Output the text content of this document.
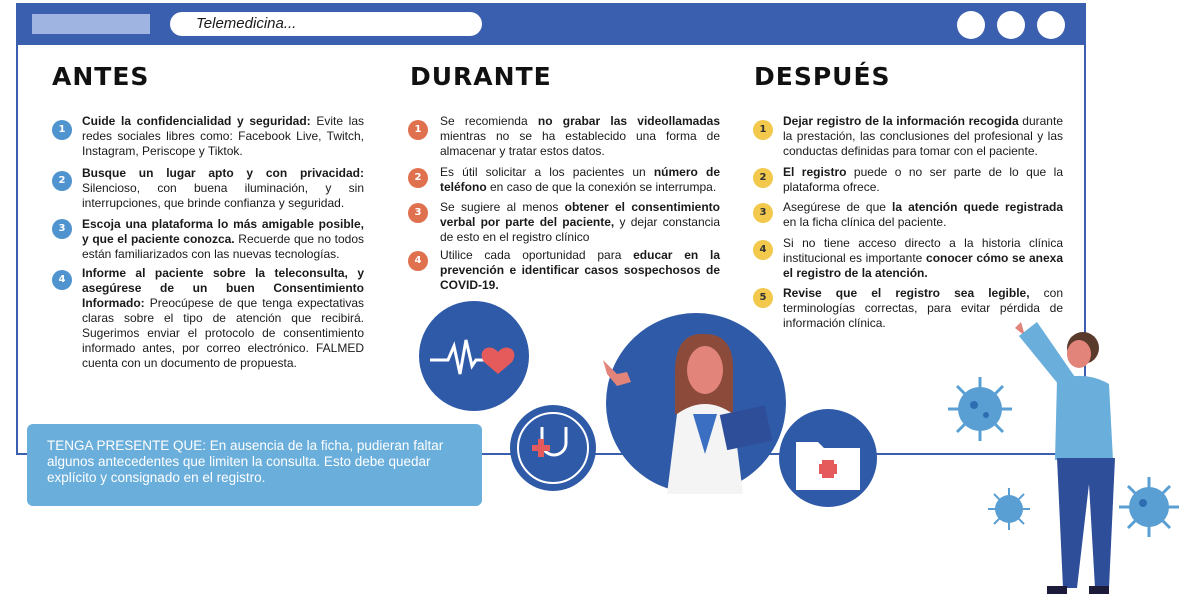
Telemedicina...
ANTES	DURANTE	DESPUÉS
1
Cuide la confidencialidad y seguridad: Evite las redes sociales libres como: Facebook Live, Twitch, Instagram, Periscope y Tiktok.
2
Busque un lugar apto y con privacidad: Silencioso, con buena iluminación, y sin interrupciones, que brinde confianza y seguridad.
3	Escoja una plataforma lo más amigable posible, y que el paciente conozca. Recuerde que no todos están familiarizados con las nuevas tecnologías.
4	Informe al paciente sobre la teleconsulta, y asegúrese de un buen Consentimiento Informado: Preocúpese de que tenga expectativas claras sobre el tipo de atención que recibirá. Sugerimos enviar el protocolo de consentimiento informado antes, por correo electrónico. FALMED cuenta con un documento de propuesta.
1
Se recomienda no grabar las videollamadas mientras no se ha establecido una forma de almacenar y tratar estos datos.
2	Es útil solicitar a los pacientes un número de teléfono en caso de que la conexión se interrumpa.
3	Se sugiere al menos obtener el consentimiento verbal por parte del paciente, y dejar constancia de esto en el registro clínico
4	Utilice cada oportunidad para educar en la prevención e identificar casos sospechosos de COVID-19.
1
Dejar registro de la información recogida durante la prestación, las conclusiones del profesional y las conductas definidas para tomar con el paciente.
2	El registro puede o no ser parte de lo que la plataforma ofrece.
3	Asegúrese de que la atención quede registrada en la ficha clínica del paciente.
4	Si no tiene acceso directo a la historia clínica institucional es importante conocer cómo se anexa el registro de la atención.
5	Revise que el registro sea legible, con terminologías correctas, para evitar pérdida de información clínica.
TENGA PRESENTE QUE: En ausencia de la ficha, pudieran faltar algunos antecedentes que limiten la consulta. Esto debe quedar explícito y consignado en el registro.
